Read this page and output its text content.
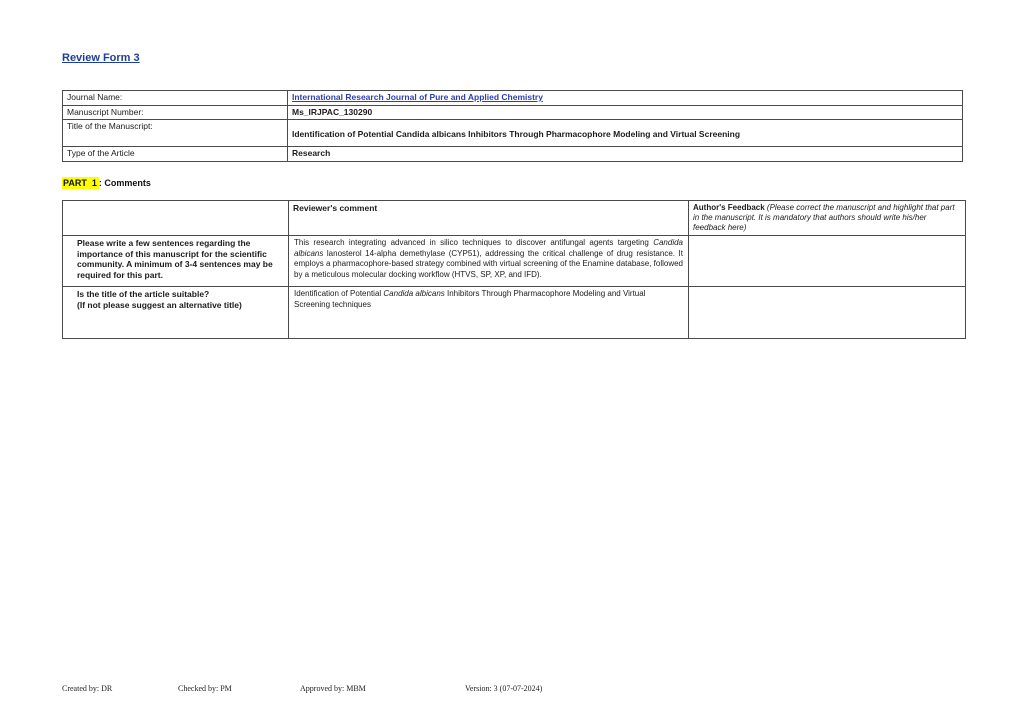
Review Form 3
Journal Name:	International Research Journal of Pure and Applied Chemistry
Manuscript Number:	Ms_IRJPAC_130290
Title of the Manuscript:	Identification of Potential Candida albicans Inhibitors Through Pharmacophore Modeling and Virtual Screening
Type of the Article	Research
PART  1 : Comments
	Reviewer's comment	Author's Feedback (Please correct the manuscript and highlight that part in the manuscript. It is mandatory that authors should write his/her feedback here)
Please write a few sentences regarding the importance of this manuscript for the scientific community. A minimum of 3-4 sentences may be required for this part.	This research integrating advanced in silico techniques to discover antifungal agents targeting Candida albicans lanosterol 14-alpha demethylase (CYP51), addressing the critical challenge of drug resistance. It employs a pharmacophore-based strategy combined with virtual screening of the Enamine database, followed by a meticulous molecular docking workflow (HTVS, SP, XP, and IFD).	

Is the title of the article suitable?
(If not please suggest an alternative title)	Identification of Potential Candida albicans Inhibitors Through Pharmacophore Modeling and Virtual Screening techniques	
Created by: DR	Checked by: PM	Approved by: MBM	Version: 3 (07-07-2024)
